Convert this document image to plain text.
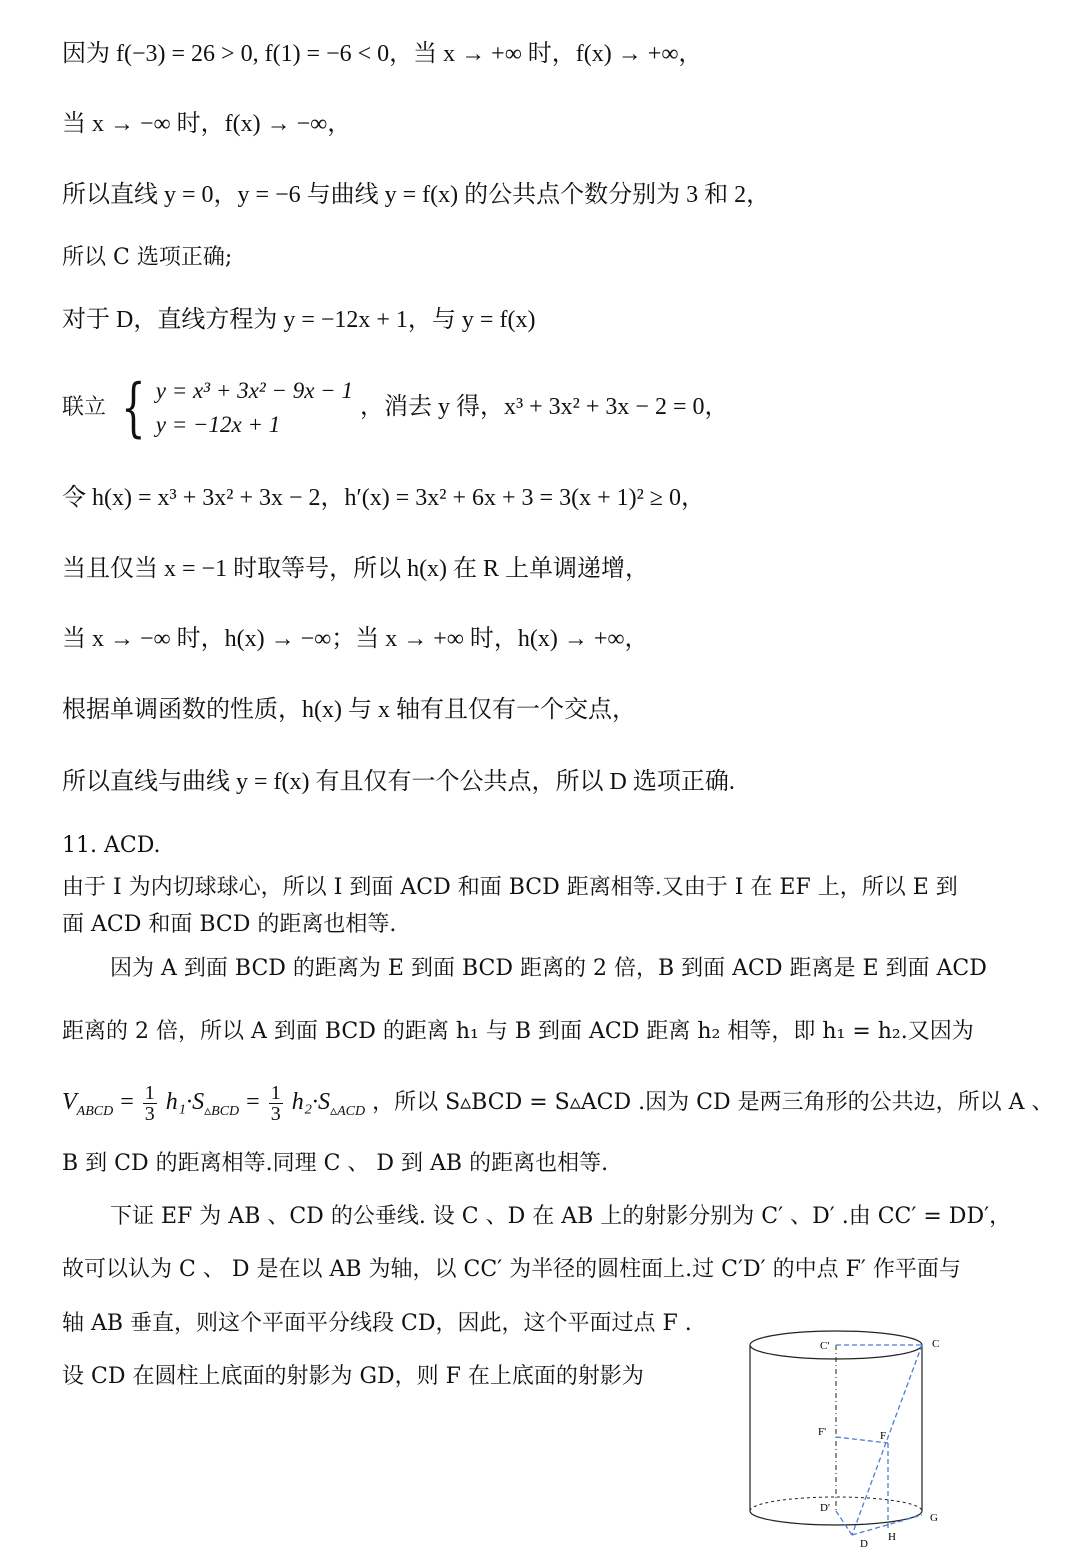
因为 f(−3) = 26 > 0, f(1) = −6 < 0，当 x → +∞ 时，f(x) → +∞，
当 x → −∞ 时，f(x) → −∞，
所以直线 y = 0，y = −6 与曲线 y = f(x) 的公共点个数分别为 3 和 2，
所以 C 选项正确;
对于 D，直线方程为 y = −12x + 1，与 y = f(x)
联立 { y = x³ + 3x² − 9x − 1
y = −12x + 1
，消去 y 得，x³ + 3x² + 3x − 2 = 0，
令 h(x) = x³ + 3x² + 3x − 2，h′(x) = 3x² + 6x + 3 = 3(x + 1)² ≥ 0，
当且仅当 x = −1 时取等号，所以 h(x) 在 R 上单调递增，
当 x → −∞ 时，h(x) → −∞；当 x → +∞ 时，h(x) → +∞，
根据单调函数的性质，h(x) 与 x 轴有且仅有一个交点，
所以直线与曲线 y = f(x) 有且仅有一个公共点，所以 D 选项正确.
11. ACD.
由于 I 为内切球球心，所以 I 到面 ACD 和面 BCD 距离相等.又由于 I 在 EF 上，所以 E 到
面 ACD 和面 BCD 的距离也相等.
因为 A 到面 BCD 的距离为 E 到面 BCD 距离的 2 倍，B 到面 ACD 距离是 E 到面 ACD
距离的 2 倍，所以 A 到面 BCD 的距离 h₁ 与 B 到面 ACD 距离 h₂ 相等，即 h₁ = h₂.又因为
$V_{ABCD} = \frac{1}{3} h_1\cdot S_{▵BCD} = \frac{1}{3} h_2\cdot S_{▵ACD}$ ，所以 S▵BCD = S▵ACD .因为 CD 是两三角形的公共边，所以 A 、
B 到 CD 的距离相等.同理 C 、 D 到 AB 的距离也相等.
下证 EF 为 AB 、CD 的公垂线. 设 C 、D 在 AB 上的射影分别为 C′ 、D′ .由 CC′ = DD′，
故可以认为 C 、 D 是在以 AB 为轴，以 CC′ 为半径的圆柱面上.过 C′D′ 的中点 F′ 作平面与
轴 AB 垂直，则这个平面平分线段 CD，因此，这个平面过点 F .
设 CD 在圆柱上底面的射影为 GD，则 F 在上底面的射影为
C'	C
F'	F
D'
D
H
G
